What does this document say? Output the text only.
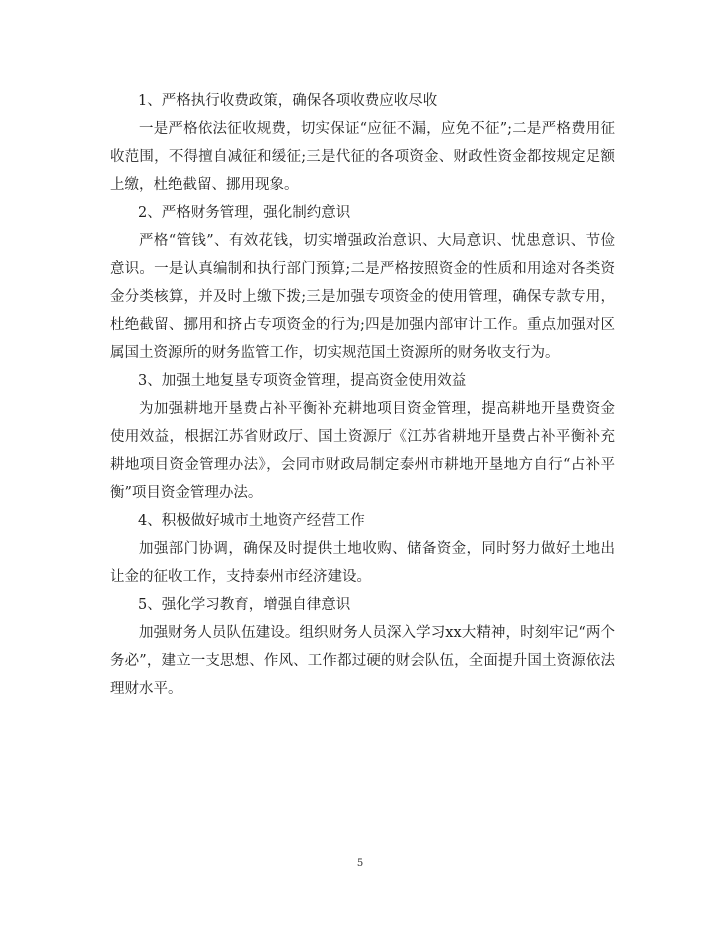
1、严格执行收费政策，确保各项收费应收尽收

一是严格依法征收规费，切实保证“应征不漏，应免不征”;二是严格费用征收范围，不得擅自减征和缓征;三是代征的各项资金、财政性资金都按规定足额上缴，杜绝截留、挪用现象。

2、严格财务管理，强化制约意识

严格“管钱”、有效花钱，切实增强政治意识、大局意识、忧患意识、节俭意识。一是认真编制和执行部门预算;二是严格按照资金的性质和用途对各类资金分类核算，并及时上缴下拨;三是加强专项资金的使用管理，确保专款专用，杜绝截留、挪用和挤占专项资金的行为;四是加强内部审计工作。重点加强对区属国土资源所的财务监管工作，切实规范国土资源所的财务收支行为。

3、加强土地复垦专项资金管理，提高资金使用效益

为加强耕地开垦费占补平衡补充耕地项目资金管理，提高耕地开垦费资金使用效益，根据江苏省财政厅、国土资源厅《江苏省耕地开垦费占补平衡补充耕地项目资金管理办法》，会同市财政局制定泰州市耕地开垦地方自行“占补平衡”项目资金管理办法。

4、积极做好城市土地资产经营工作

加强部门协调，确保及时提供土地收购、储备资金，同时努力做好土地出让金的征收工作，支持泰州市经济建设。

5、强化学习教育，增强自律意识

加强财务人员队伍建设。组织财务人员深入学习xx大精神，时刻牢记“两个务必”，建立一支思想、作风、工作都过硬的财会队伍，全面提升国土资源依法理财水平。

5
